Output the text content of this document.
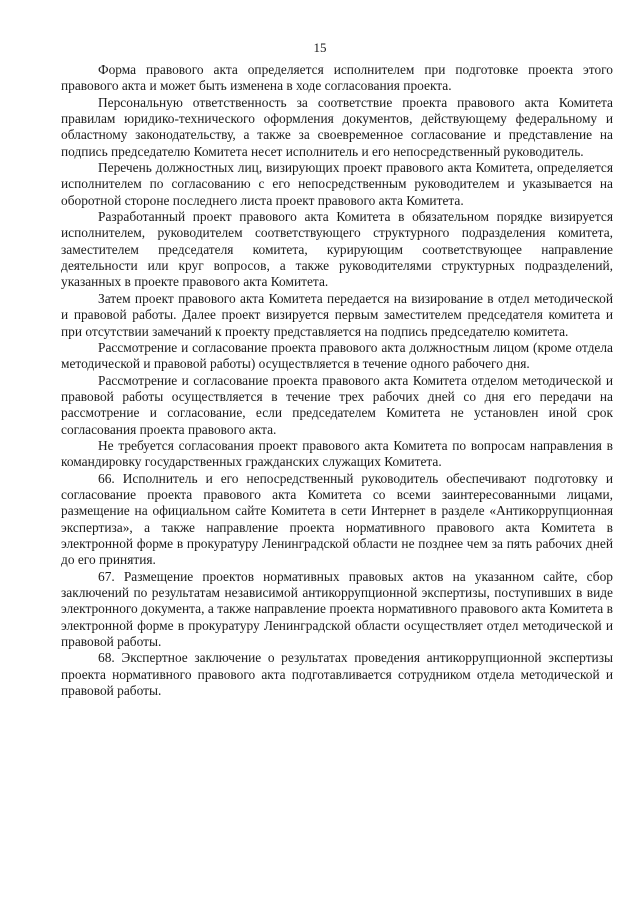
15

Форма правового акта определяется исполнителем при подготовке проекта этого правового акта и может быть изменена в ходе согласования проекта.

Персональную ответственность за соответствие проекта правового акта Комитета правилам юридико-технического оформления документов, действующему федеральному и областному законодательству, а также за своевременное согласование и представление на подпись председателю Комитета несет исполнитель и его непосредственный руководитель.

Перечень должностных лиц, визирующих проект правового акта Комитета, определяется исполнителем по согласованию с его непосредственным руководителем и указывается на оборотной стороне последнего листа проект правового акта Комитета.

Разработанный проект правового акта Комитета в обязательном порядке визируется исполнителем, руководителем соответствующего структурного подразделения комитета, заместителем председателя комитета, курирующим соответствующее направление деятельности или круг вопросов, а также руководителями структурных подразделений, указанных в проекте правового акта Комитета.

Затем проект правового акта Комитета передается на визирование в отдел методической и правовой работы. Далее проект визируется первым заместителем председателя комитета и при отсутствии замечаний к проекту представляется на подпись председателю комитета.

Рассмотрение и согласование проекта правового акта должностным лицом (кроме отдела методической и правовой работы) осуществляется в течение одного рабочего дня.

Рассмотрение и согласование проекта правового акта Комитета отделом методической и правовой работы осуществляется в течение трех рабочих дней со дня его передачи на рассмотрение и согласование, если председателем Комитета не установлен иной срок согласования проекта правового акта.

Не требуется согласования проект правового акта Комитета по вопросам направления в командировку государственных гражданских служащих Комитета.

66. Исполнитель и его непосредственный руководитель обеспечивают подготовку и согласование проекта правового акта Комитета со всеми заинтересованными лицами, размещение на официальном сайте Комитета в сети Интернет в разделе «Антикоррупционная экспертиза», а также направление проекта нормативного правового акта Комитета в электронной форме в прокуратуру Ленинградской области не позднее чем за пять рабочих дней до его принятия.

67. Размещение проектов нормативных правовых актов на указанном сайте, сбор заключений по результатам независимой антикоррупционной экспертизы, поступивших в виде электронного документа, а также направление проекта нормативного правового акта Комитета в электронной форме в прокуратуру Ленинградской области осуществляет отдел методической и правовой работы.

68. Экспертное заключение о результатах проведения антикоррупционной экспертизы проекта нормативного правового акта подготавливается сотрудником отдела методической и правовой работы.
